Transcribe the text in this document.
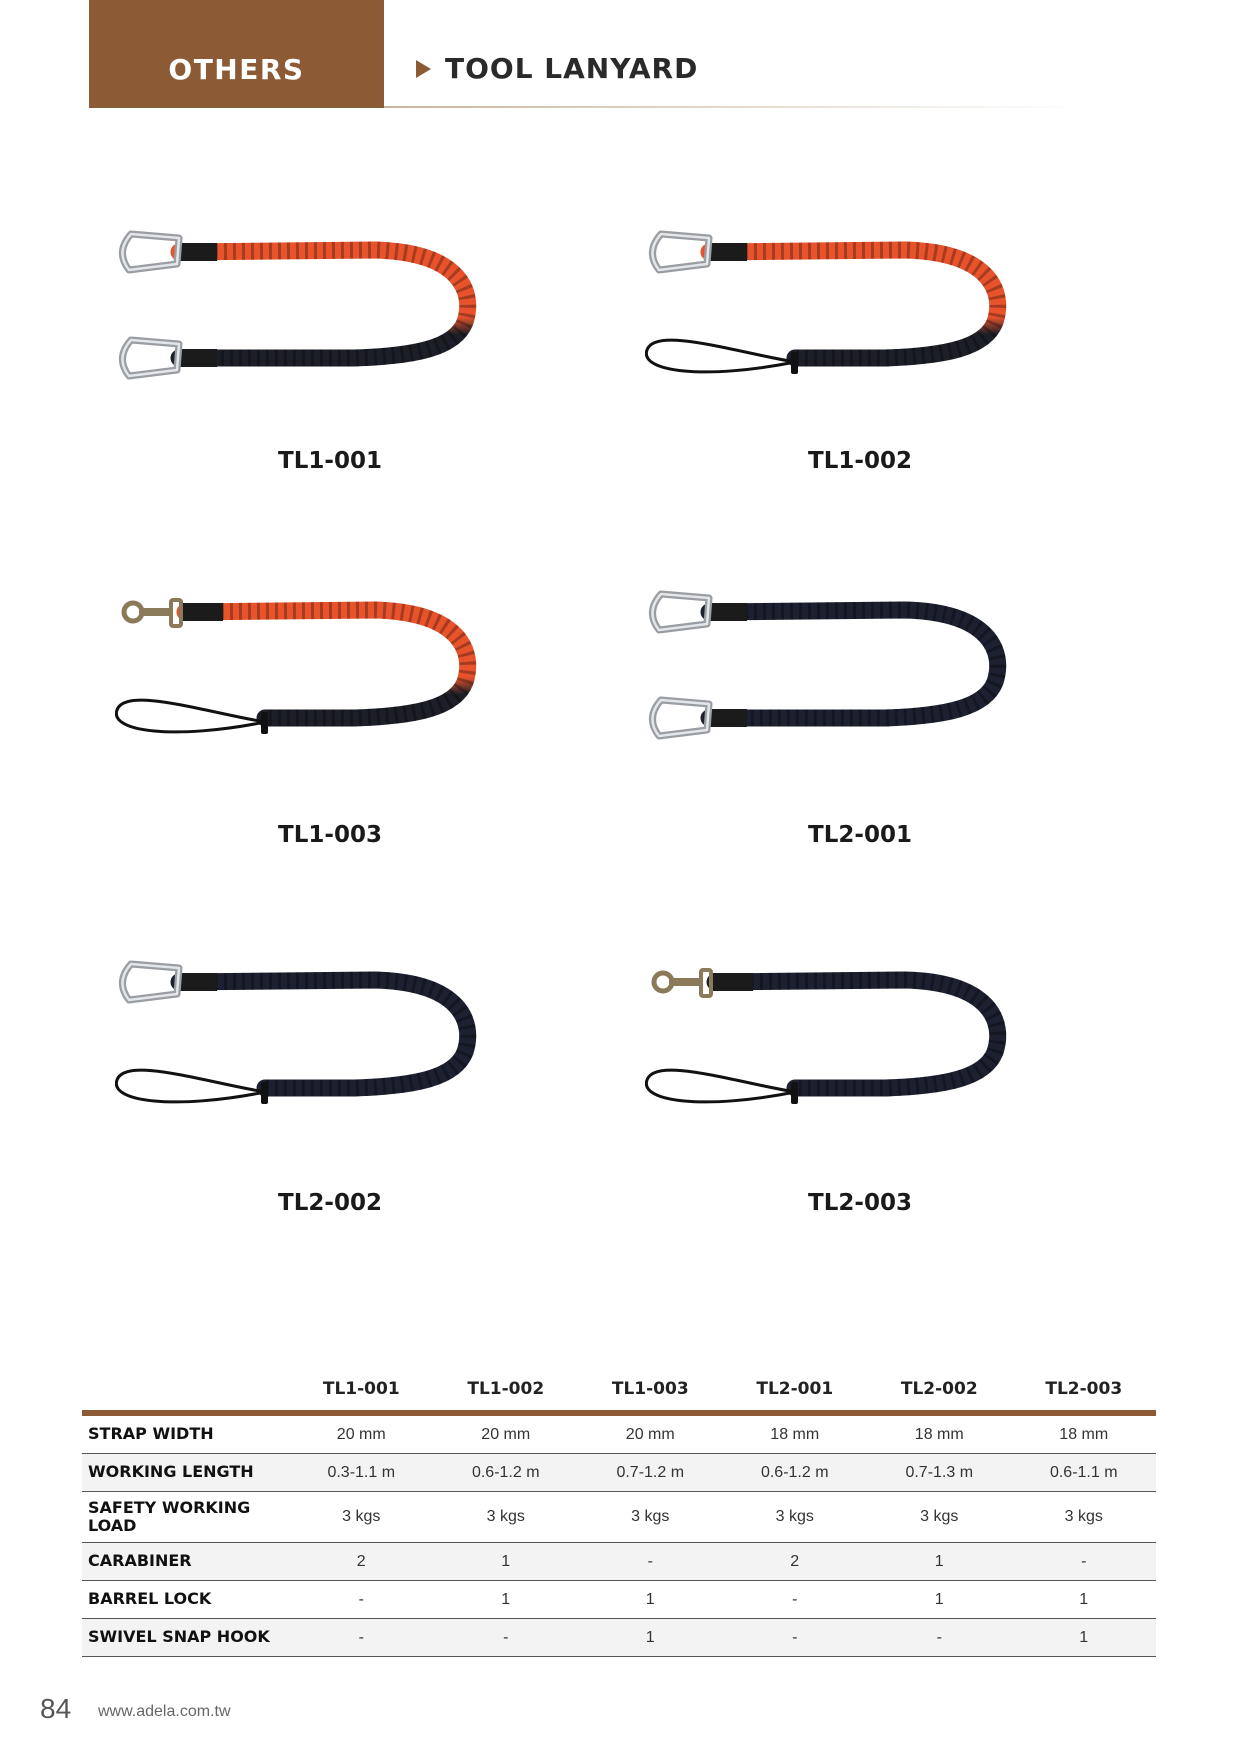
OTHERS	TOOL LANYARD
TL1-001	TL1-002
TL1-003	TL2-001
TL2-002	TL2-003
	TL1-001	TL1-002	TL1-003	TL2-001	TL2-002	TL2-003
STRAP WIDTH	20 mm	20 mm	20 mm	18 mm	18 mm	18 mm
WORKING LENGTH	0.3-1.1 m	0.6-1.2 m	0.7-1.2 m	0.6-1.2 m	0.7-1.3 m	0.6-1.1 m
SAFETY WORKING LOAD	3 kgs	3 kgs	3 kgs	3 kgs	3 kgs	3 kgs
CARABINER	2	1	-	2	1	-
BARREL LOCK	-	1	1	-	1	1
SWIVEL SNAP HOOK	-	-	1	-	-	1
84 www.adela.com.tw
